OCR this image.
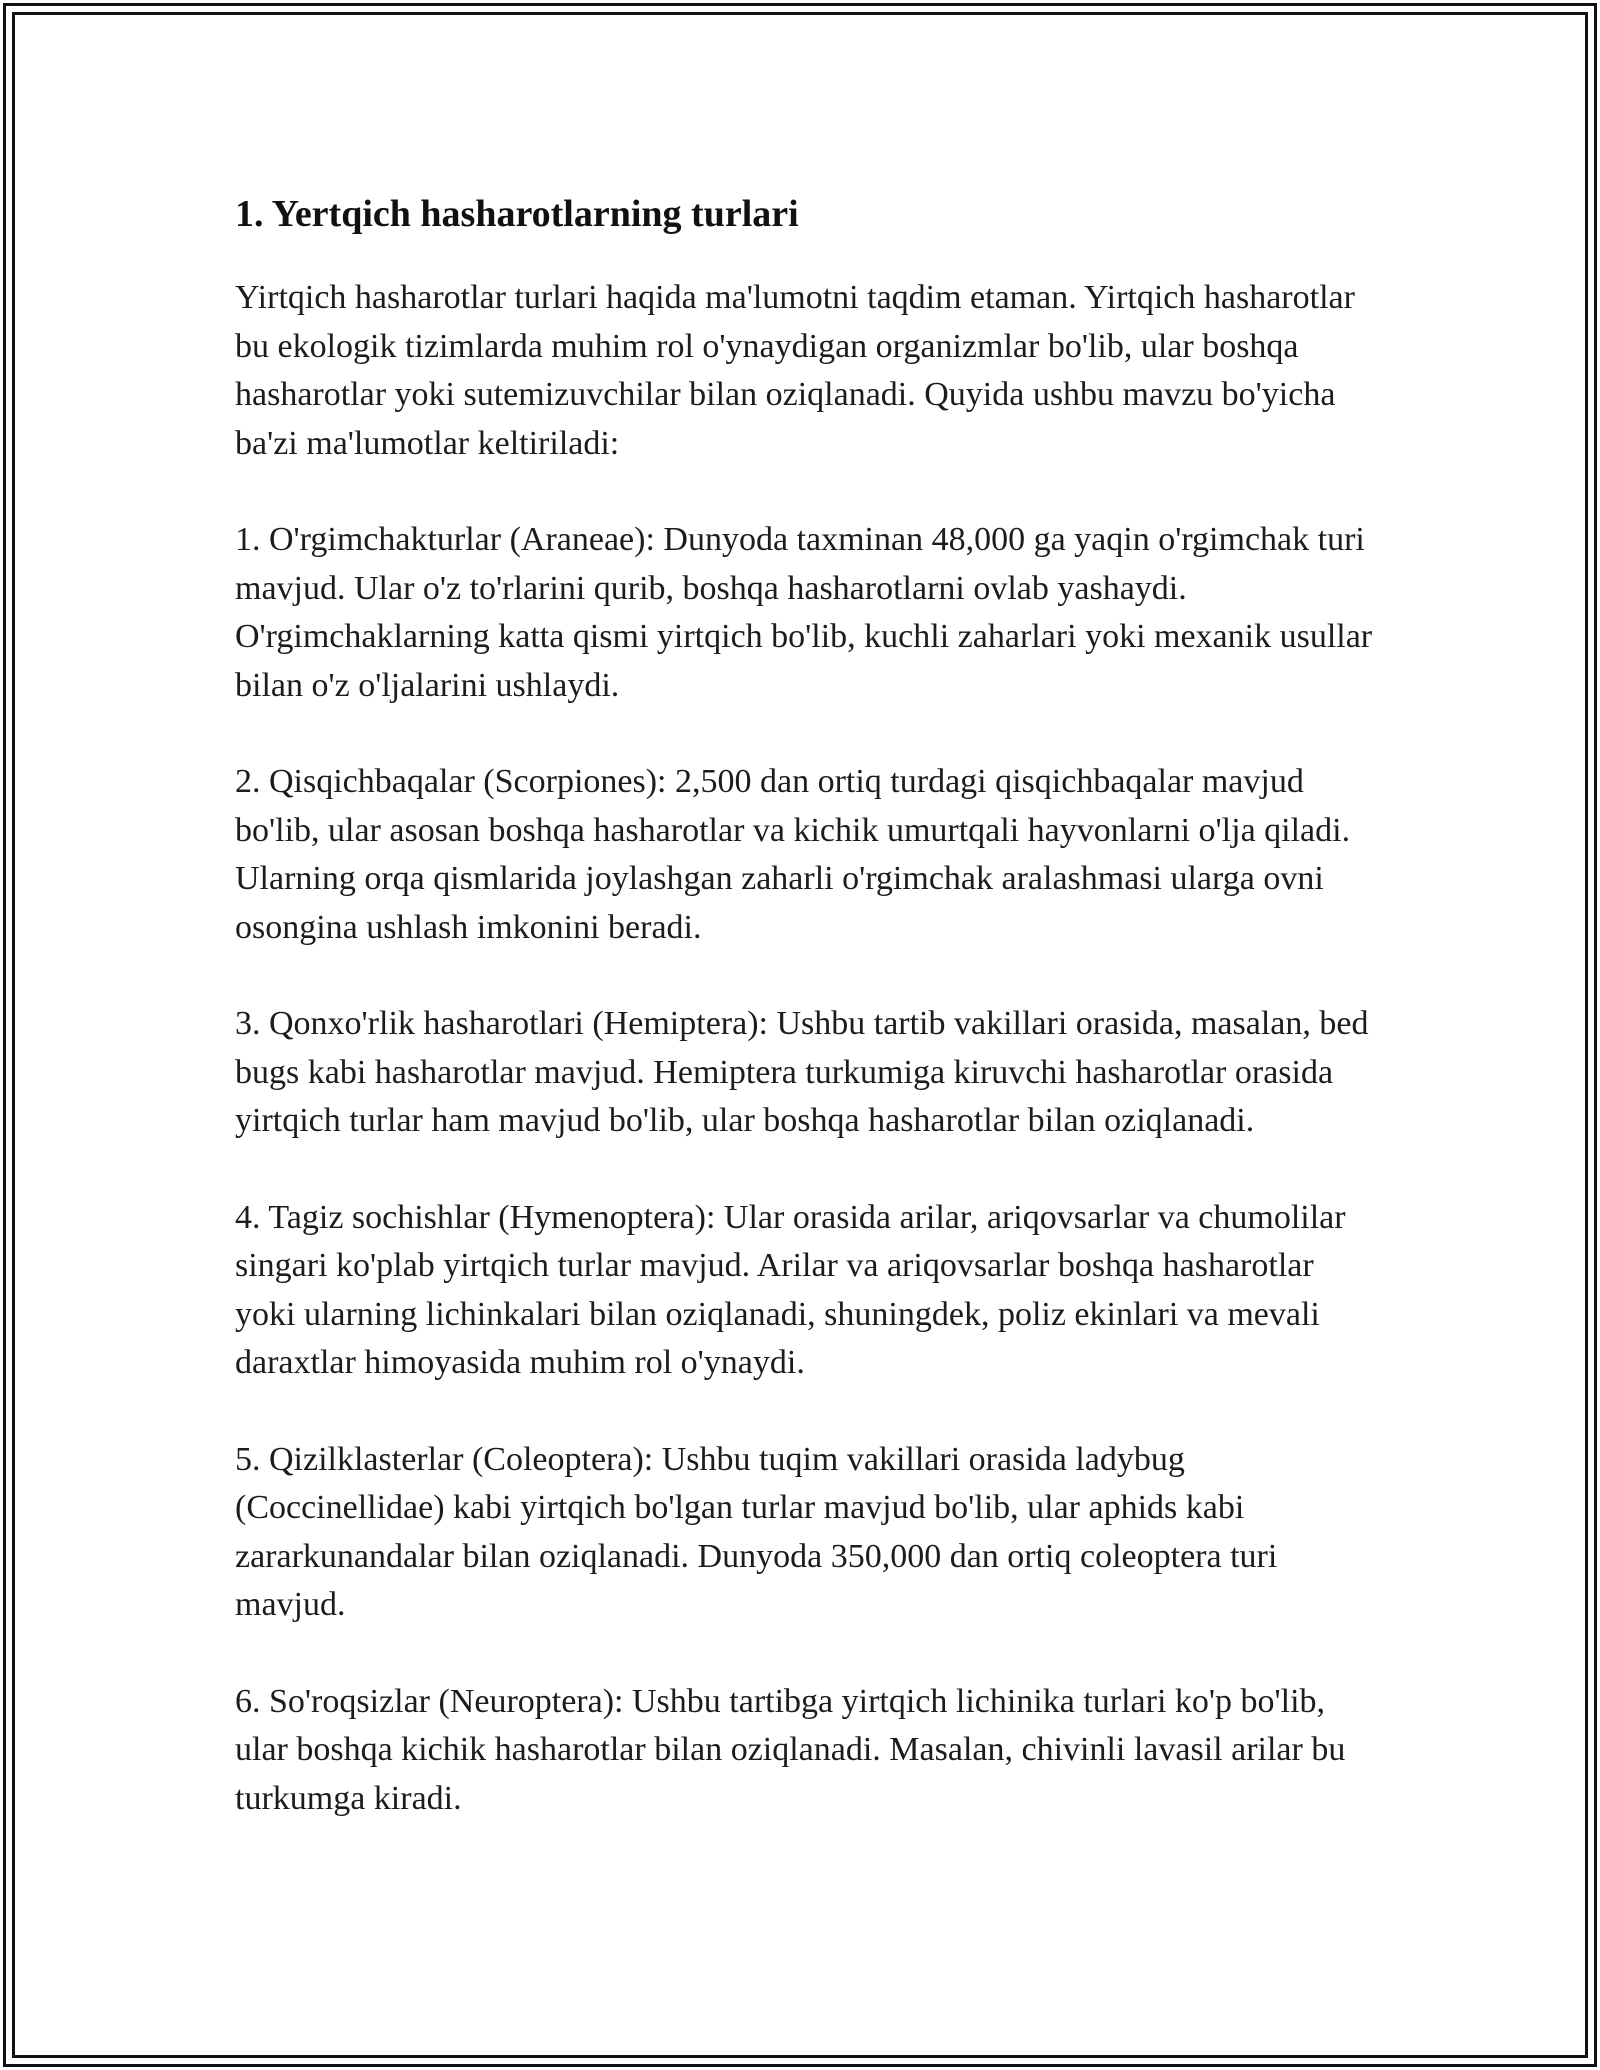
1. Yertqich hasharotlarning turlari

Yirtqich hasharotlar turlari haqida ma'lumotni taqdim etaman. Yirtqich hasharotlar bu ekologik tizimlarda muhim rol o'ynaydigan organizmlar bo'lib, ular boshqa hasharotlar yoki sutemizuvchilar bilan oziqlanadi. Quyida ushbu mavzu bo'yicha ba'zi ma'lumotlar keltiriladi:

1. O'rgimchakturlar (Araneae): Dunyoda taxminan 48,000 ga yaqin o'rgimchak turi mavjud. Ular o'z to'rlarini qurib, boshqa hasharotlarni ovlab yashaydi. O'rgimchaklarning katta qismi yirtqich bo'lib, kuchli zaharlari yoki mexanik usullar bilan o'z o'ljalarini ushlaydi.

2. Qisqichbaqalar (Scorpiones): 2,500 dan ortiq turdagi qisqichbaqalar mavjud bo'lib, ular asosan boshqa hasharotlar va kichik umurtqali hayvonlarni o'lja qiladi. Ularning orqa qismlarida joylashgan zaharli o'rgimchak aralashmasi ularga ovni osongina ushlash imkonini beradi.

3. Qonxo'rlik hasharotlari (Hemiptera): Ushbu tartib vakillari orasida, masalan, bed bugs kabi hasharotlar mavjud. Hemiptera turkumiga kiruvchi hasharotlar orasida yirtqich turlar ham mavjud bo'lib, ular boshqa hasharotlar bilan oziqlanadi.

4. Tagiz sochishlar (Hymenoptera): Ular orasida arilar, ariqovsarlar va chumolilar singari ko'plab yirtqich turlar mavjud. Arilar va ariqovsarlar boshqa hasharotlar yoki ularning lichinkalari bilan oziqlanadi, shuningdek, poliz ekinlari va mevali daraxtlar himoyasida muhim rol o'ynaydi.

5. Qizilklasterlar (Coleoptera): Ushbu tuqim vakillari orasida ladybug (Coccinellidae) kabi yirtqich bo'lgan turlar mavjud bo'lib, ular aphids kabi zararkunandalar bilan oziqlanadi. Dunyoda 350,000 dan ortiq coleoptera turi mavjud.

6. So'roqsizlar (Neuroptera): Ushbu tartibga yirtqich lichinika turlari ko'p bo'lib, ular boshqa kichik hasharotlar bilan oziqlanadi. Masalan, chivinli lavasil arilar bu turkumga kiradi.
